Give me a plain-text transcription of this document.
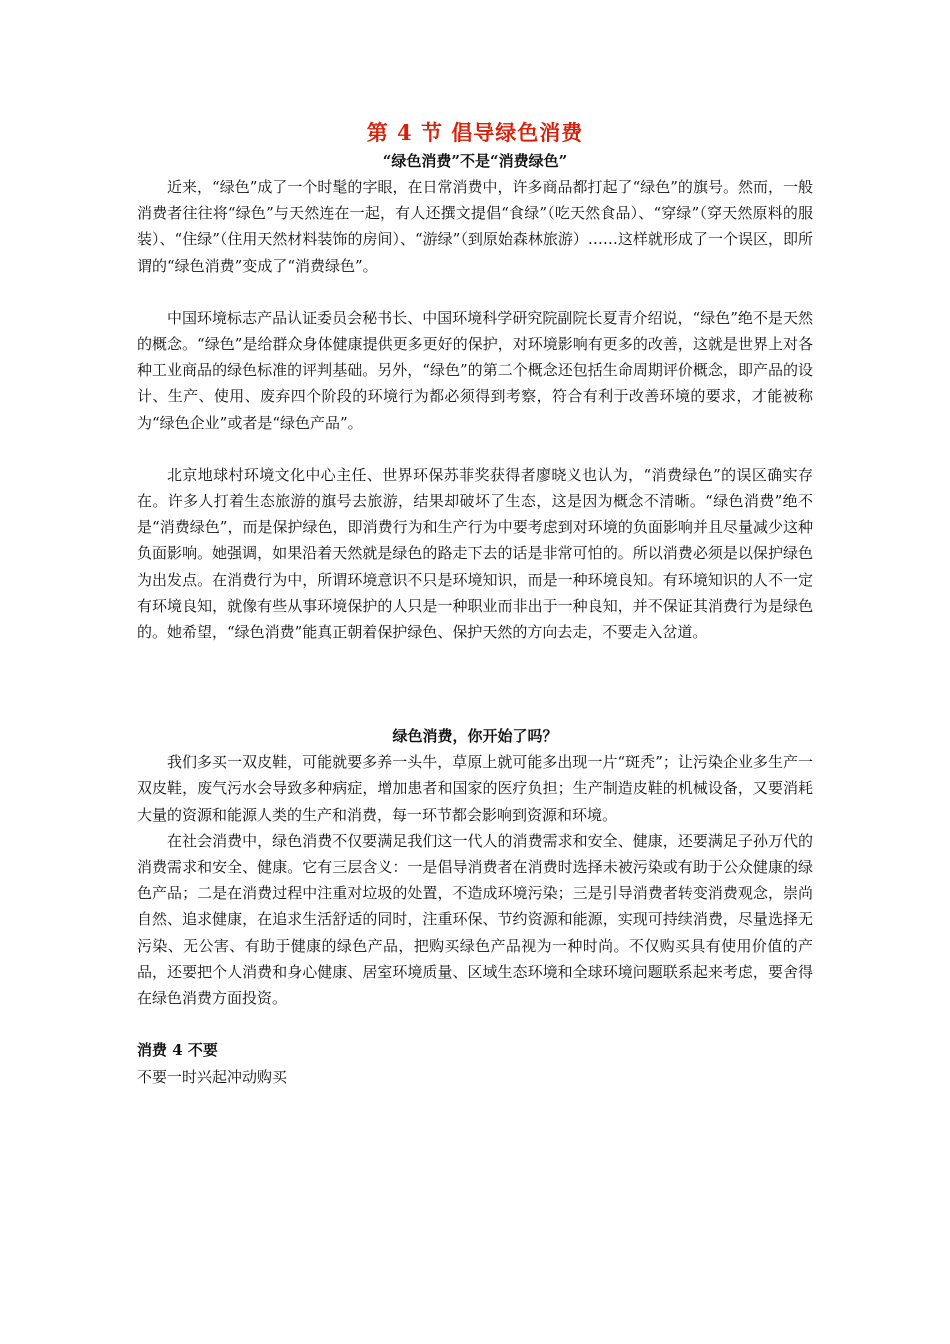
第 4 节 倡导绿色消费
“绿色消费”不是“消费绿色”

近来，“绿色”成了一个时髦的字眼，在日常消费中，许多商品都打起了“绿色”的旗号。然而，一般消费者往往将“绿色”与天然连在一起，有人还撰文提倡“食绿”（吃天然食品）、“穿绿”（穿天然原料的服装）、“住绿”（住用天然材料装饰的房间）、“游绿”（到原始森林旅游）……这样就形成了一个误区，即所谓的“绿色消费”变成了“消费绿色”。

中国环境标志产品认证委员会秘书长、中国环境科学研究院副院长夏青介绍说，“绿色”绝不是天然的概念。“绿色”是给群众身体健康提供更多更好的保护，对环境影响有更多的改善，这就是世界上对各种工业商品的绿色标准的评判基础。另外，“绿色”的第二个概念还包括生命周期评价概念，即产品的设计、生产、使用、废弃四个阶段的环境行为都必须得到考察，符合有利于改善环境的要求，才能被称为“绿色企业”或者是“绿色产品”。

北京地球村环境文化中心主任、世界环保苏菲奖获得者廖晓义也认为，“消费绿色”的误区确实存在。许多人打着生态旅游的旗号去旅游，结果却破坏了生态，这是因为概念不清晰。“绿色消费”绝不是“消费绿色”，而是保护绿色，即消费行为和生产行为中要考虑到对环境的负面影响并且尽量减少这种负面影响。她强调，如果沿着天然就是绿色的路走下去的话是非常可怕的。所以消费必须是以保护绿色为出发点。在消费行为中，所谓环境意识不只是环境知识，而是一种环境良知。有环境知识的人不一定有环境良知，就像有些从事环境保护的人只是一种职业而非出于一种良知，并不保证其消费行为是绿色的。她希望，“绿色消费”能真正朝着保护绿色、保护天然的方向去走，不要走入岔道。

绿色消费，你开始了吗？

我们多买一双皮鞋，可能就要多养一头牛，草原上就可能多出现一片“斑秃”；让污染企业多生产一双皮鞋，废气污水会导致多种病症，增加患者和国家的医疗负担；生产制造皮鞋的机械设备，又要消耗大量的资源和能源人类的生产和消费，每一环节都会影响到资源和环境。

在社会消费中，绿色消费不仅要满足我们这一代人的消费需求和安全、健康，还要满足子孙万代的消费需求和安全、健康。它有三层含义：一是倡导消费者在消费时选择未被污染或有助于公众健康的绿色产品；二是在消费过程中注重对垃圾的处置，不造成环境污染；三是引导消费者转变消费观念，崇尚自然、追求健康，在追求生活舒适的同时，注重环保、节约资源和能源，实现可持续消费，尽量选择无污染、无公害、有助于健康的绿色产品，把购买绿色产品视为一种时尚。不仅购买具有使用价值的产品，还要把个人消费和身心健康、居室环境质量、区域生态环境和全球环境问题联系起来考虑，要舍得在绿色消费方面投资。

消费 4 不要

不要一时兴起冲动购买
